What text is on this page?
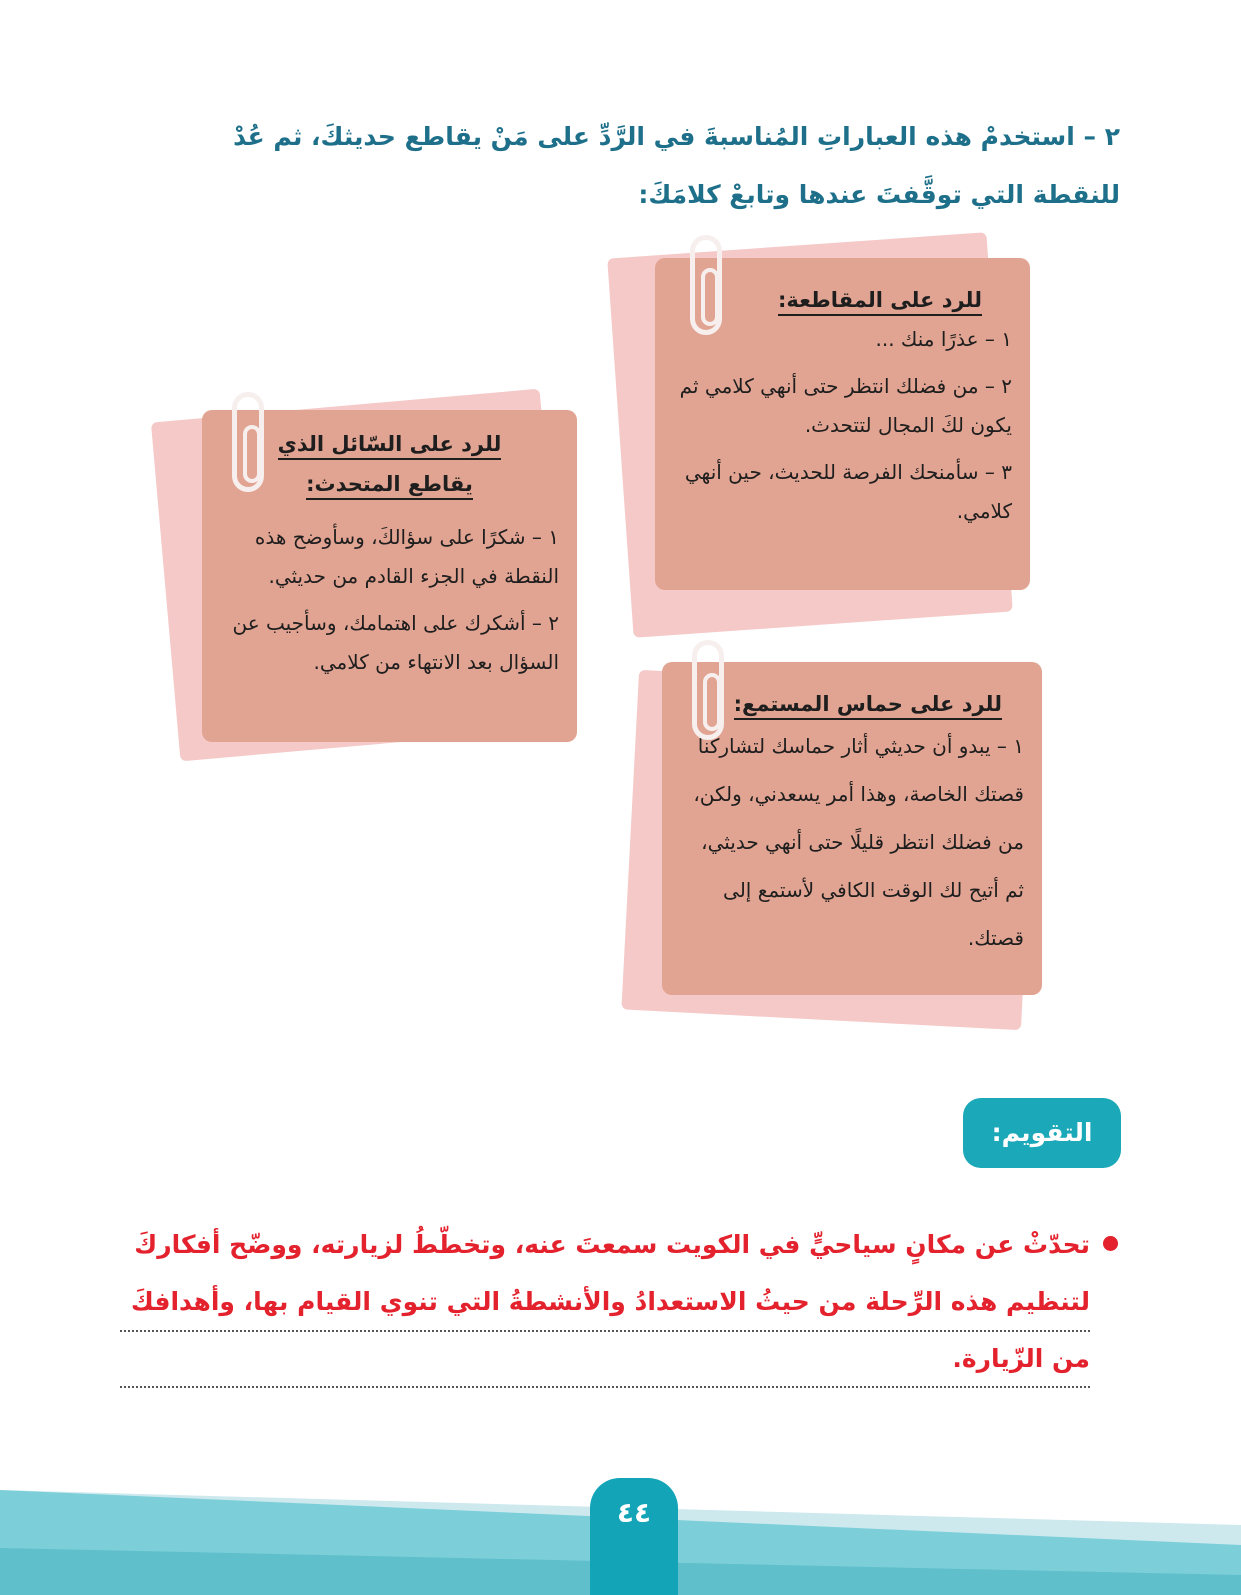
٢ – استخدمْ هذه العباراتِ المُناسبةَ في الرَّدِّ على مَنْ يقاطع حديثكَ، ثم عُدْ للنقطة التي توقَّفتَ عندها وتابعْ كلامَكَ:

للرد على المقاطعة:

١ – عذرًا منك ...

٢ – من فضلك انتظر حتى أنهي كلامي ثم يكون لكَ المجال لتتحدث.

٣ – سأمنحك الفرصة للحديث، حين أنهي كلامي.

للرد على السّائل الذي
يقاطع المتحدث:

١ – شكرًا على سؤالكَ، وسأوضح هذه النقطة في الجزء القادم من حديثي.

٢ – أشكرك على اهتمامك، وسأجيب عن السؤال بعد الانتهاء من كلامي.

للرد على حماس المستمع:

١ – يبدو أن حديثي أثار حماسك لتشاركنا قصتك الخاصة، وهذا أمر يسعدني، ولكن، من فضلك انتظر قليلًا حتى أنهي حديثي، ثم أتيح لك الوقت الكافي لأستمع إلى قصتك.

التقويم:

تحدّثْ عن مكانٍ سياحيٍّ في الكويت سمعتَ عنه، وتخطّطُ لزيارته، ووضّح أفكاركَ لتنظيم هذه الرِّحلة من حيثُ الاستعدادُ والأنشطةُ التي تنوي القيام بها، وأهدافكَ من الزّيارة.

٤٤
